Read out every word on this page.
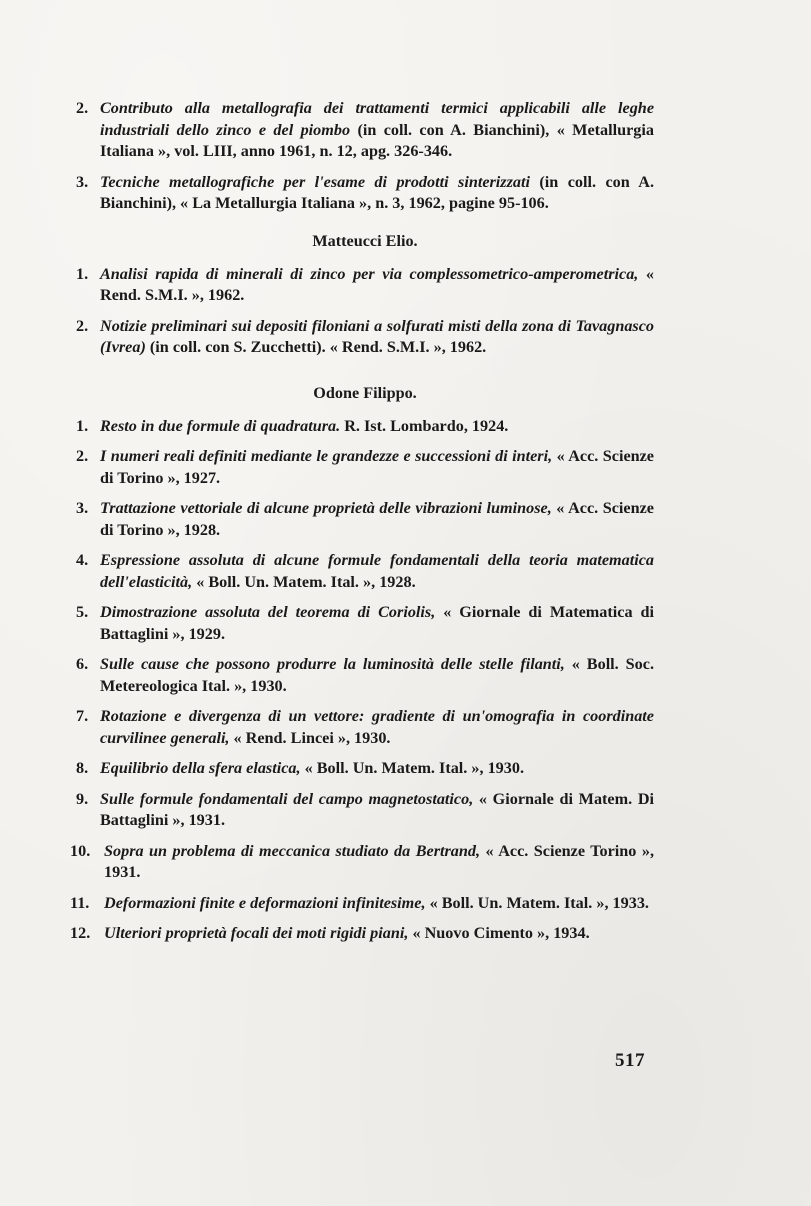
2. Contributo alla metallografia dei trattamenti termici applicabili alle leghe industriali dello zinco e del piombo (in coll. con A. Bianchini), « Metallurgia Italiana », vol. LIII, anno 1961, n. 12, apg. 326-346.
3. Tecniche metallografiche per l'esame di prodotti sinterizzati (in coll. con A. Bianchini), « La Metallurgia Italiana », n. 3, 1962, pagine 95-106.
Matteucci Elio.
1. Analisi rapida di minerali di zinco per via complessometrico-amperometrica, « Rend. S.M.I. », 1962.
2. Notizie preliminari sui depositi filoniani a solfurati misti della zona di Tavagnasco (Ivrea) (in coll. con S. Zucchetti). « Rend. S.M.I. », 1962.
Odone Filippo.
1. Resto in due formule di quadratura. R. Ist. Lombardo, 1924.
2. I numeri reali definiti mediante le grandezze e successioni di interi, « Acc. Scienze di Torino », 1927.
3. Trattazione vettoriale di alcune proprietà delle vibrazioni luminose, « Acc. Scienze di Torino », 1928.
4. Espressione assoluta di alcune formule fondamentali della teoria matematica dell'elasticità, « Boll. Un. Matem. Ital. », 1928.
5. Dimostrazione assoluta del teorema di Coriolis, « Giornale di Matematica di Battaglini », 1929.
6. Sulle cause che possono produrre la luminosità delle stelle filanti, « Boll. Soc. Metereologica Ital. », 1930.
7. Rotazione e divergenza di un vettore: gradiente di un'omografia in coordinate curvilinee generali, « Rend. Lincei », 1930.
8. Equilibrio della sfera elastica, « Boll. Un. Matem. Ital. », 1930.
9. Sulle formule fondamentali del campo magnetostatico, « Giornale di Matem. Di Battaglini », 1931.
10. Sopra un problema di meccanica studiato da Bertrand, « Acc. Scienze Torino », 1931.
11. Deformazioni finite e deformazioni infinitesime, « Boll. Un. Matem. Ital. », 1933.
12. Ulteriori proprietà focali dei moti rigidi piani, « Nuovo Cimento », 1934.
517
